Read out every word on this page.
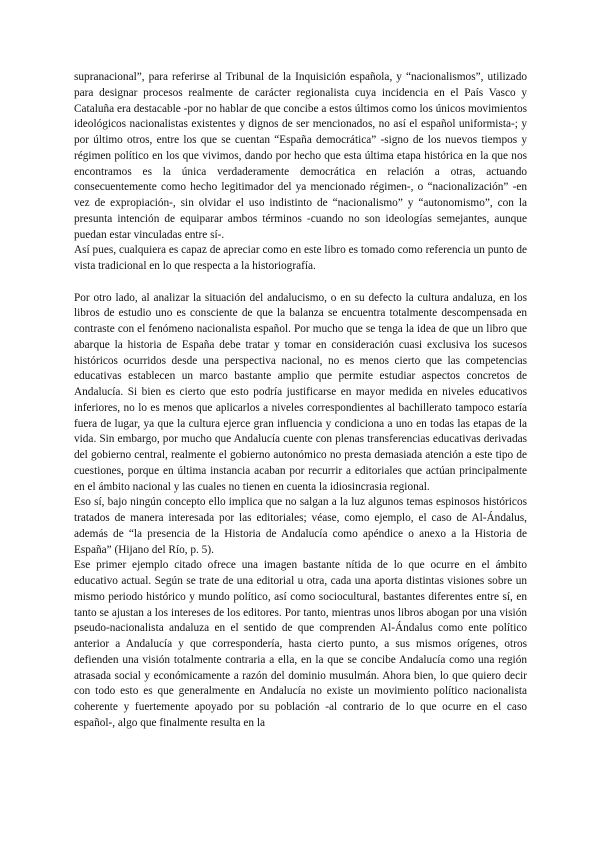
supranacional”, para referirse al Tribunal de la Inquisición española, y “nacionalismos”, utilizado para designar procesos realmente de carácter regionalista cuya incidencia en el País Vasco y Cataluña era destacable -por no hablar de que concibe a estos últimos como los únicos movimientos ideológicos nacionalistas existentes y dignos de ser mencionados, no así el español uniformista-; y por último otros, entre los que se cuentan “España democrática” -signo de los nuevos tiempos y régimen político en los que vivimos, dando por hecho que esta última etapa histórica en la que nos encontramos es la única verdaderamente democrática en relación a otras, actuando consecuentemente como hecho legitimador del ya mencionado régimen-, o “nacionalización” -en vez de expropiación-, sin olvidar el uso indistinto de “nacionalismo” y “autonomismo”, con la presunta intención de equiparar ambos términos -cuando no son ideologías semejantes, aunque puedan estar vinculadas entre sí-.

Así pues, cualquiera es capaz de apreciar como en este libro es tomado como referencia un punto de vista tradicional en lo que respecta a la historiografía.

Por otro lado, al analizar la situación del andalucismo, o en su defecto la cultura andaluza, en los libros de estudio uno es consciente de que la balanza se encuentra totalmente descompensada en contraste con el fenómeno nacionalista español. Por mucho que se tenga la idea de que un libro que abarque la historia de España debe tratar y tomar en consideración cuasi exclusiva los sucesos históricos ocurridos desde una perspectiva nacional, no es menos cierto que las competencias educativas establecen un marco bastante amplio que permite estudiar aspectos concretos de Andalucía. Si bien es cierto que esto podría justificarse en mayor medida en niveles educativos inferiores, no lo es menos que aplicarlos a niveles correspondientes al bachillerato tampoco estaría fuera de lugar, ya que la cultura ejerce gran influencia y condiciona a uno en todas las etapas de la vida. Sin embargo, por mucho que Andalucía cuente con plenas transferencias educativas derivadas del gobierno central, realmente el gobierno autonómico no presta demasiada atención a este tipo de cuestiones, porque en última instancia acaban por recurrir a editoriales que actúan principalmente en el ámbito nacional y las cuales no tienen en cuenta la idiosincrasia regional.

Eso sí, bajo ningún concepto ello implica que no salgan a la luz algunos temas espinosos históricos tratados de manera interesada por las editoriales; véase, como ejemplo, el caso de Al-Ándalus, además de “la presencia de la Historia de Andalucía como apéndice o anexo a la Historia de España” (Hijano del Río, p. 5).

Ese primer ejemplo citado ofrece una imagen bastante nítida de lo que ocurre en el ámbito educativo actual. Según se trate de una editorial u otra, cada una aporta distintas visiones sobre un mismo periodo histórico y mundo político, así como sociocultural, bastantes diferentes entre sí, en tanto se ajustan a los intereses de los editores. Por tanto, mientras unos libros abogan por una visión pseudo-nacionalista andaluza en el sentido de que comprenden Al-Ándalus como ente político anterior a Andalucía y que correspondería, hasta cierto punto, a sus mismos orígenes, otros defienden una visión totalmente contraria a ella, en la que se concibe Andalucía como una región atrasada social y económicamente a razón del dominio musulmán. Ahora bien, lo que quiero decir con todo esto es que generalmente en Andalucía no existe un movimiento político nacionalista coherente y fuertemente apoyado por su población -al contrario de lo que ocurre en el caso español-, algo que finalmente resulta en la
